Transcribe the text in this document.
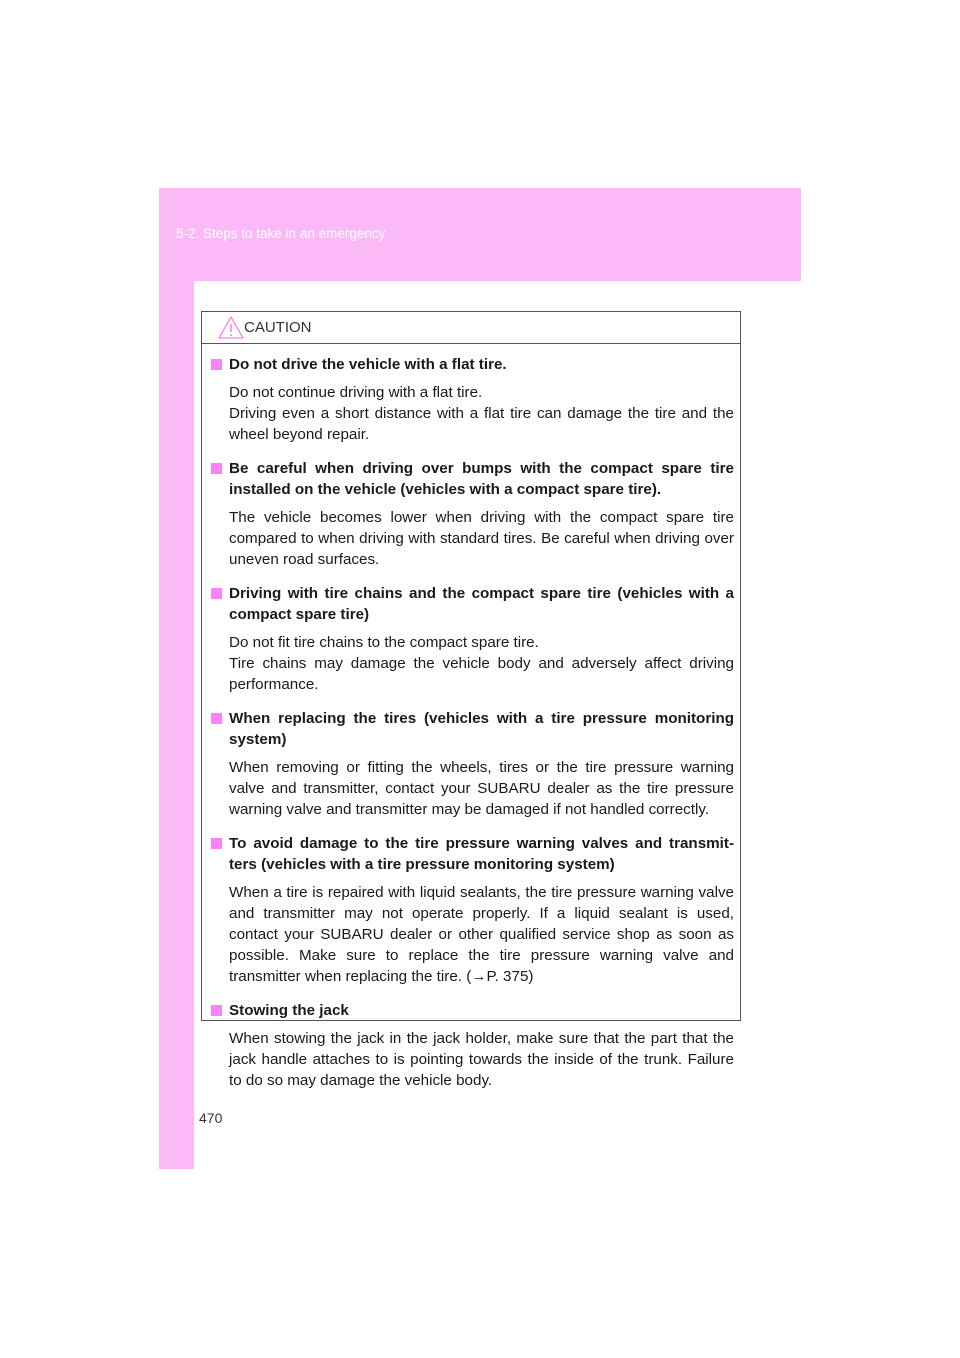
5-2. Steps to take in an emergency
CAUTION
Do not drive the vehicle with a flat tire.
Do not continue driving with a flat tire.
Driving even a short distance with a flat tire can damage the tire and the wheel beyond repair.
Be careful when driving over bumps with the compact spare tire installed on the vehicle (vehicles with a compact spare tire).
The vehicle becomes lower when driving with the compact spare tire compared to when driving with standard tires. Be careful when driving over uneven road surfaces.
Driving with tire chains and the compact spare tire (vehicles with a compact spare tire)
Do not fit tire chains to the compact spare tire.
Tire chains may damage the vehicle body and adversely affect driving performance.
When replacing the tires (vehicles with a tire pressure monitoring system)
When removing or fitting the wheels, tires or the tire pressure warning valve and transmitter, contact your SUBARU dealer as the tire pressure warning valve and transmitter may be damaged if not handled correctly.
To avoid damage to the tire pressure warning valves and transmit-ters (vehicles with a tire pressure monitoring system)
When a tire is repaired with liquid sealants, the tire pressure warning valve and transmitter may not operate properly. If a liquid sealant is used, contact your SUBARU dealer or other qualified service shop as soon as possible. Make sure to replace the tire pressure warning valve and transmitter when replacing the tire. (→P. 375)
Stowing the jack
When stowing the jack in the jack holder, make sure that the part that the jack handle attaches to is pointing towards the inside of the trunk. Failure to do so may damage the vehicle body.
470
